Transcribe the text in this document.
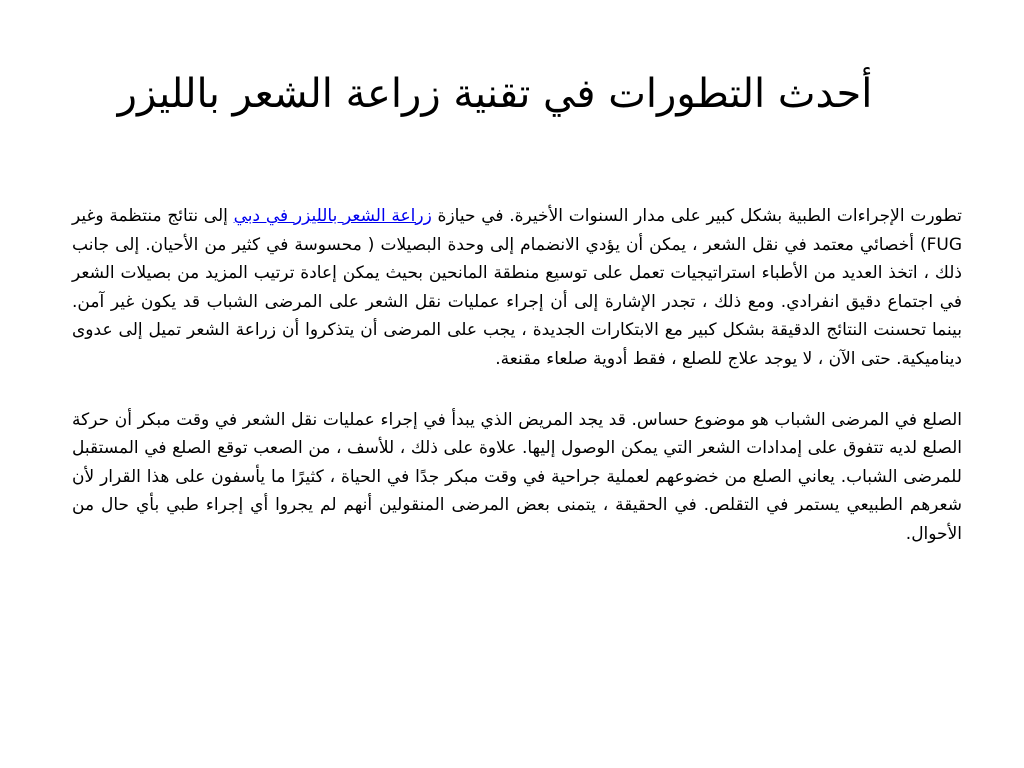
أحدث التطورات في تقنية زراعة الشعر بالليزر

تطورت الإجراءات الطبية بشكل كبير على مدار السنوات الأخيرة. في حيازة زراعة الشعر بالليزر في دبي إلى نتائج منتظمة وغير FUG) أخصائي معتمد في نقل الشعر ، يمكن أن يؤدي الانضمام إلى وحدة البصيلات ( محسوسة في كثير من الأحيان. إلى جانب ذلك ، اتخذ العديد من الأطباء استراتيجيات تعمل على توسيع منطقة المانحين بحيث يمكن إعادة ترتيب المزيد من بصيلات الشعر في اجتماع دقيق انفرادي. ومع ذلك ، تجدر الإشارة إلى أن إجراء عمليات نقل الشعر على المرضى الشباب قد يكون غير آمن. بينما تحسنت النتائج الدقيقة بشكل كبير مع الابتكارات الجديدة ، يجب على المرضى أن يتذكروا أن زراعة الشعر تميل إلى عدوى ديناميكية. حتى الآن ، لا يوجد علاج للصلع ، فقط أدوية صلعاء مقنعة.

الصلع في المرضى الشباب هو موضوع حساس. قد يجد المريض الذي يبدأ في إجراء عمليات نقل الشعر في وقت مبكر أن حركة الصلع لديه تتفوق على إمدادات الشعر التي يمكن الوصول إليها. علاوة على ذلك ، للأسف ، من الصعب توقع الصلع في المستقبل للمرضى الشباب. يعاني الصلع من خضوعهم لعملية جراحية في وقت مبكر جدًا في الحياة ، كثيرًا ما يأسفون على هذا القرار لأن شعرهم الطبيعي يستمر في التقلص. في الحقيقة ، يتمنى بعض المرضى المنقولين أنهم لم يجروا أي إجراء طبي بأي حال من الأحوال.
